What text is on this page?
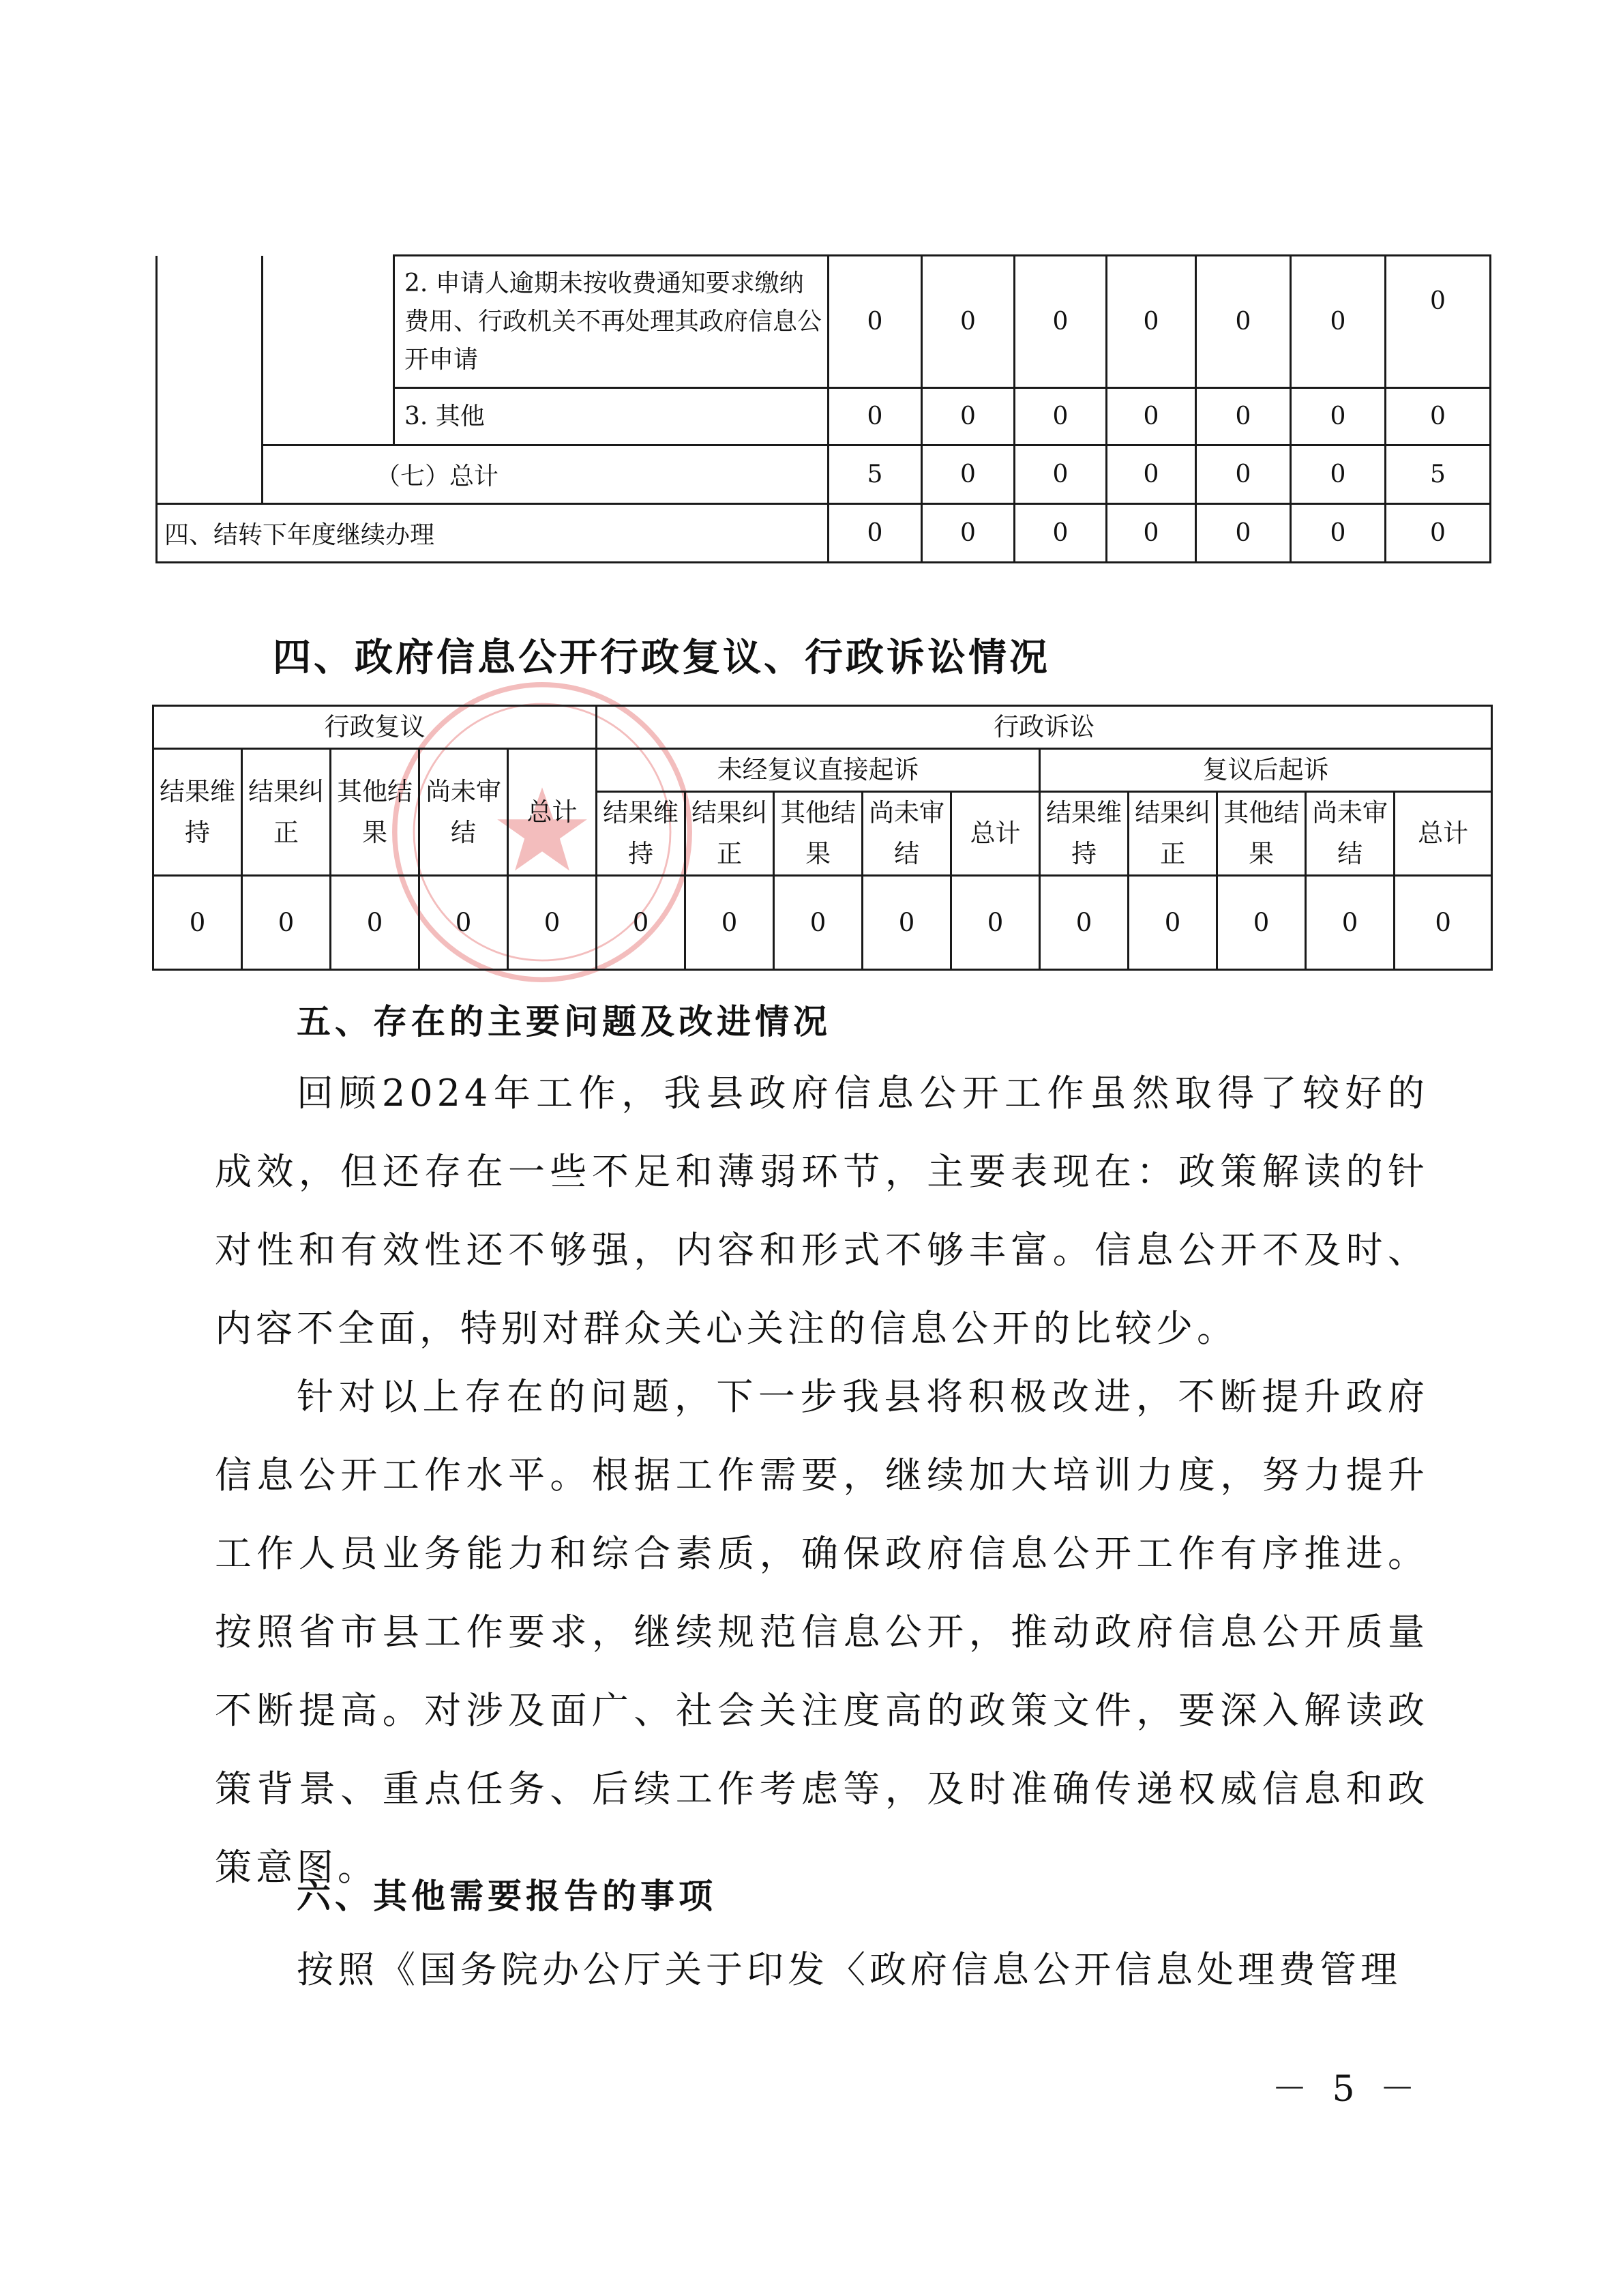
		2. 申请人逾期未按收费通知要求缴纳费用、行政机关不再处理其政府信息公开申请	0	0	0	0	0	0	0
		3. 其他	0	0	0	0	0	0	0
	（七）总计		5	0	0	0	0	0	5
四、结转下年度继续办理			0	0	0	0	0	0	0
四、政府信息公开行政复议、行政诉讼情况
行政复议					行政诉讼									
结果维持	结果纠正	其他结果	尚未审结	总计	未经复议直接起诉					复议后起诉				
					结果维持	结果纠正	其他结果	尚未审结	总计	结果维持	结果纠正	其他结果	尚未审结	总计
0	0	0	0	0	0	0	0	0	0	0	0	0	0	0
五、存在的主要问题及改进情况
回顾2024年工作，我县政府信息公开工作虽然取得了较好的成效，但还存在一些不足和薄弱环节，主要表现在：政策解读的针对性和有效性还不够强，内容和形式不够丰富。信息公开不及时、内容不全面，特别对群众关心关注的信息公开的比较少。
针对以上存在的问题，下一步我县将积极改进，不断提升政府信息公开工作水平。根据工作需要，继续加大培训力度，努力提升工作人员业务能力和综合素质，确保政府信息公开工作有序推进。按照省市县工作要求，继续规范信息公开，推动政府信息公开质量不断提高。对涉及面广、社会关注度高的政策文件，要深入解读政策背景、重点任务、后续工作考虑等，及时准确传递权威信息和政策意图。
六、其他需要报告的事项
按照《国务院办公厅关于印发〈政府信息公开信息处理费管理
－ 5 －
